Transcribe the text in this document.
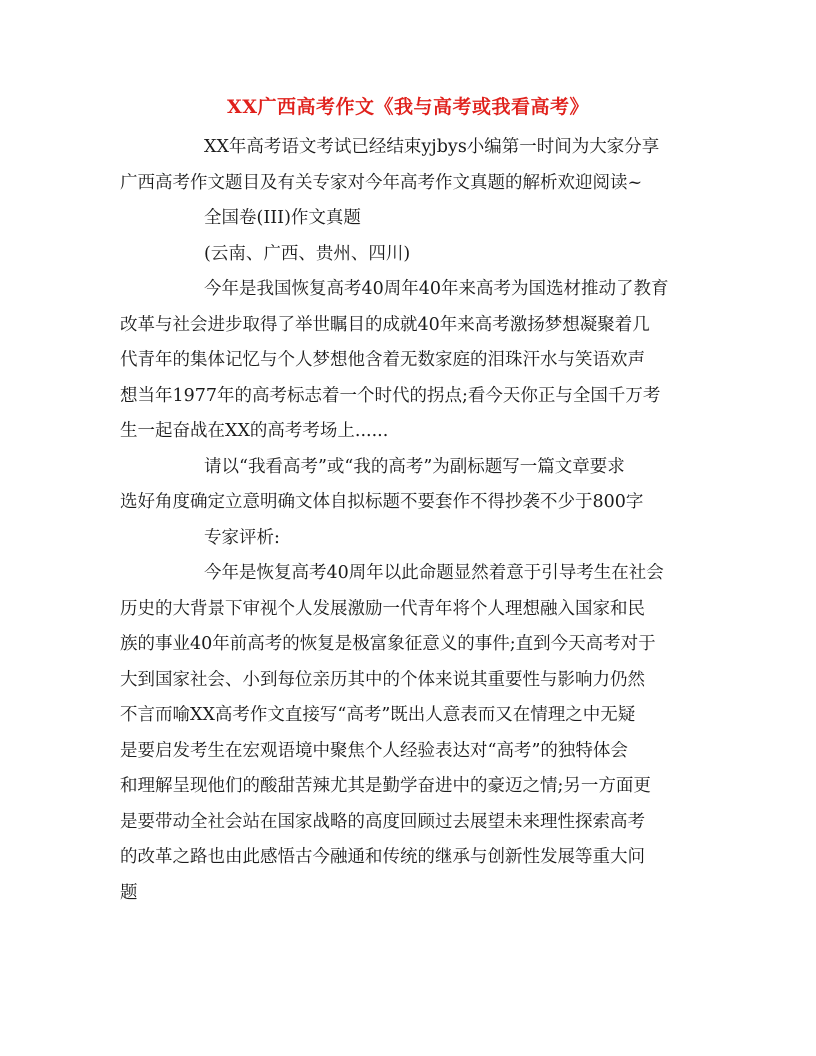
XX广西高考作文《我与高考或我看高考》
XX年高考语文考试已经结束yjbys小编第一时间为大家分享
广西高考作文题目及有关专家对今年高考作文真题的解析欢迎阅读~
全国卷(III)作文真题
(云南、广西、贵州、四川)
今年是我国恢复高考40周年40年来高考为国选材推动了教育
改革与社会进步取得了举世瞩目的成就40年来高考激扬梦想凝聚着几
代青年的集体记忆与个人梦想他含着无数家庭的泪珠汗水与笑语欢声
想当年1977年的高考标志着一个时代的拐点;看今天你正与全国千万考
生一起奋战在XX的高考考场上......
请以“我看高考”或“我的高考”为副标题写一篇文章要求
选好角度确定立意明确文体自拟标题不要套作不得抄袭不少于800字
专家评析:
今年是恢复高考40周年以此命题显然着意于引导考生在社会
历史的大背景下审视个人发展激励一代青年将个人理想融入国家和民
族的事业40年前高考的恢复是极富象征意义的事件;直到今天高考对于
大到国家社会、小到每位亲历其中的个体来说其重要性与影响力仍然
不言而喻XX高考作文直接写“高考”既出人意表而又在情理之中无疑
是要启发考生在宏观语境中聚焦个人经验表达对“高考”的独特体会
和理解呈现他们的酸甜苦辣尤其是勤学奋进中的豪迈之情;另一方面更
是要带动全社会站在国家战略的高度回顾过去展望未来理性探索高考
的改革之路也由此感悟古今融通和传统的继承与创新性发展等重大问
题
